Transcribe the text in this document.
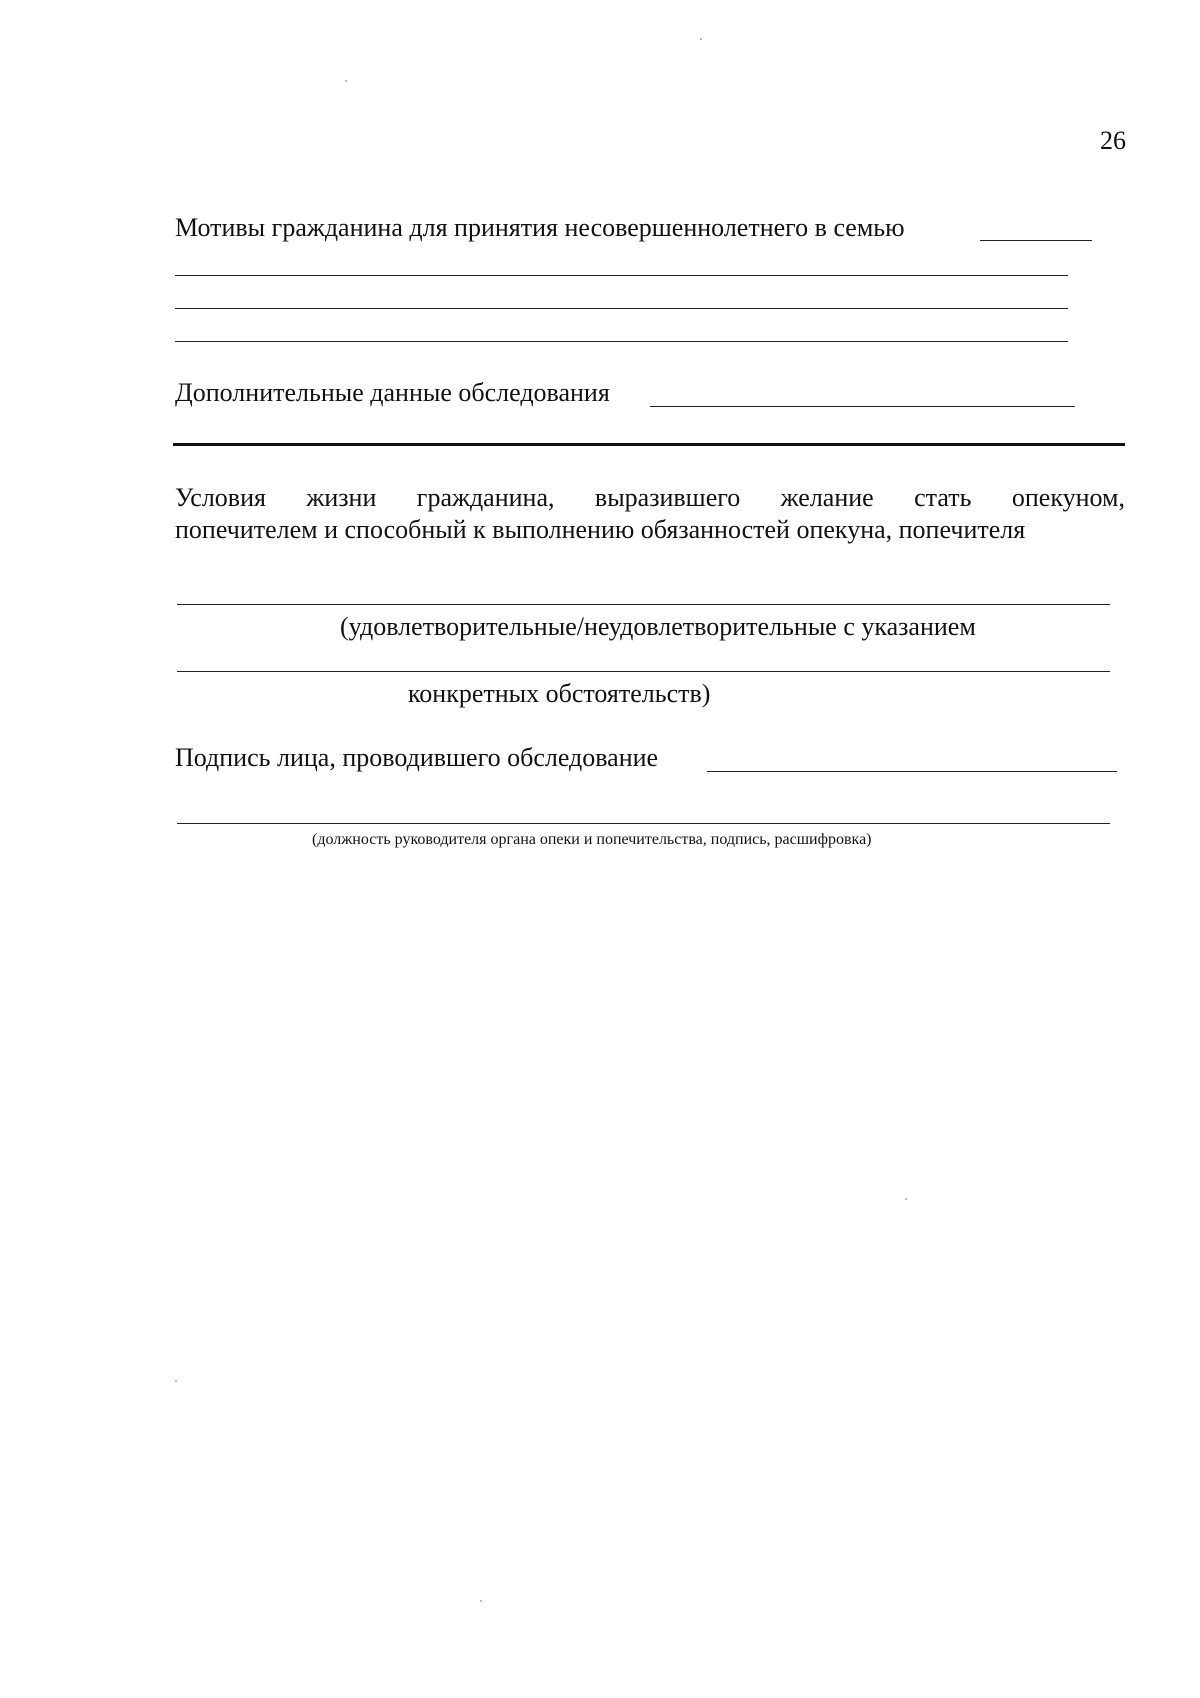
26
Мотивы гражданина для принятия несовершеннолетнего в семью
Дополнительные данные обследования
Условия жизни гражданина, выразившего желание стать опекуном,
попечителем и способный к выполнению обязанностей опекуна, попечителя
(удовлетворительные/неудовлетворительные с указанием
конкретных обстоятельств)
Подпись лица, проводившего обследование
(должность руководителя органа опеки и попечительства, подпись, расшифровка)
